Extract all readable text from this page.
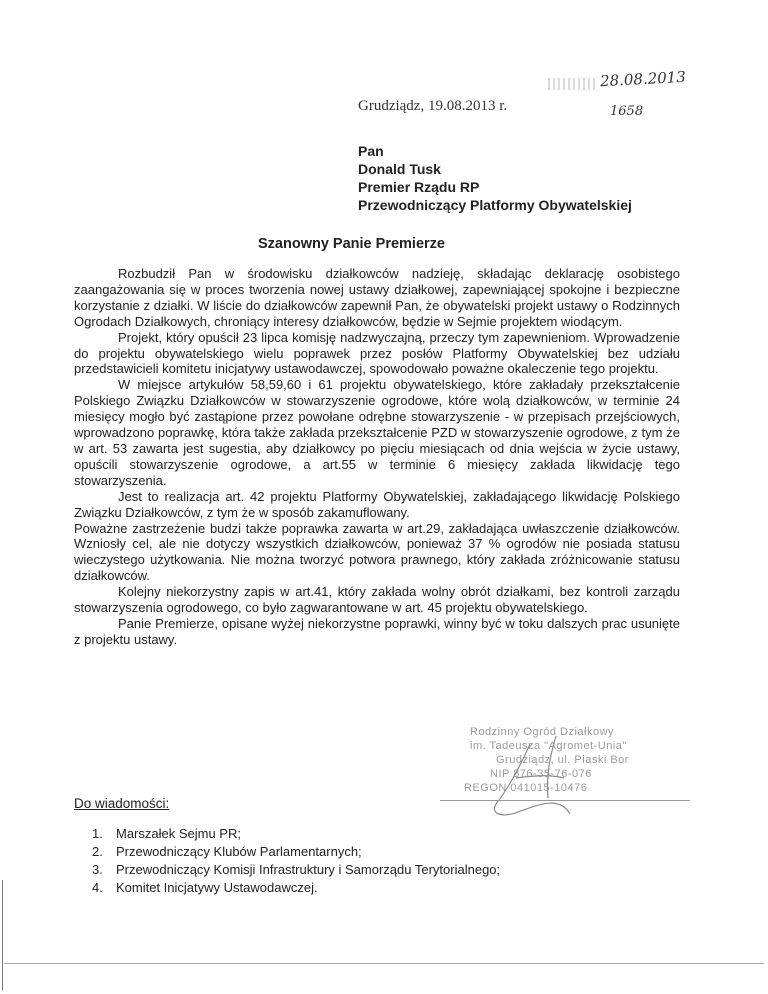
28.08.2013
1658
Grudziądz, 19.08.2013 r.
Pan
Donald Tusk
Premier Rządu RP
Przewodniczący Platformy Obywatelskiej
Szanowny Panie Premierze

Rozbudził Pan w środowisku działkowców nadzieję, składając deklarację osobistego zaangażowania się w proces tworzenia nowej ustawy działkowej, zapewniającej spokojne i bezpieczne korzystanie z działki. W liście do działkowców zapewnił Pan, że obywatelski projekt ustawy o Rodzinnych Ogrodach Działkowych, chroniący interesy działkowców, będzie w Sejmie projektem wiodącym.

Projekt, który opuścił 23 lipca komisję nadzwyczajną, przeczy tym zapewnieniom. Wprowadzenie do projektu obywatelskiego wielu poprawek przez posłów Platformy Obywatelskiej bez udziału przedstawicieli komitetu inicjatywy ustawodawczej, spowodowało poważne okaleczenie tego projektu.

W miejsce artykułów 58,59,60 i 61 projektu obywatelskiego, które zakładały przekształcenie Polskiego Związku Działkowców w stowarzyszenie ogrodowe, które wolą działkowców, w terminie 24 miesięcy mogło być zastąpione przez powołane odrębne stowarzyszenie - w przepisach przejściowych, wprowadzono poprawkę, która także zakłada przekształcenie PZD w stowarzyszenie ogrodowe, z tym że w art. 53 zawarta jest sugestia, aby działkowcy po pięciu miesiącach od dnia wejścia w życie ustawy, opuścili stowarzyszenie ogrodowe, a art.55 w terminie 6 miesięcy zakłada likwidację tego stowarzyszenia.

Jest to realizacja art. 42 projektu Platformy Obywatelskiej, zakładającego likwidację Polskiego Związku Działkowców, z tym że w sposób zakamuflowany.

Poważne zastrzeżenie budzi także poprawka zawarta w art.29, zakładająca uwłaszczenie działkowców. Wzniosły cel, ale nie dotyczy wszystkich działkowców, ponieważ 37 % ogrodów nie posiada statusu wieczystego użytkowania. Nie można tworzyć potwora prawnego, który zakłada zróżnicowanie statusu działkowców.

Kolejny niekorzystny zapis w art.41, który zakłada wolny obrót działkami, bez kontroli zarządu stowarzyszenia ogrodowego, co było zagwarantowane w art. 45 projektu obywatelskiego.

Panie Premierze, opisane wyżej niekorzystne poprawki, winny być w toku dalszych prac usunięte z projektu ustawy.

Rodzinny Ogród Działkowy
im. Tadeusza "Agromet-Unia"
Grudziądz, ul. Piaski Bor
NIP 876-35-76-076
REGON 041015-10476
Do wiadomości:
1. Marszałek Sejmu PR;
2. Przewodniczący Klubów Parlamentarnych;
3. Przewodniczący Komisji Infrastruktury i Samorządu Terytorialnego;
4. Komitet Inicjatywy Ustawodawczej.
